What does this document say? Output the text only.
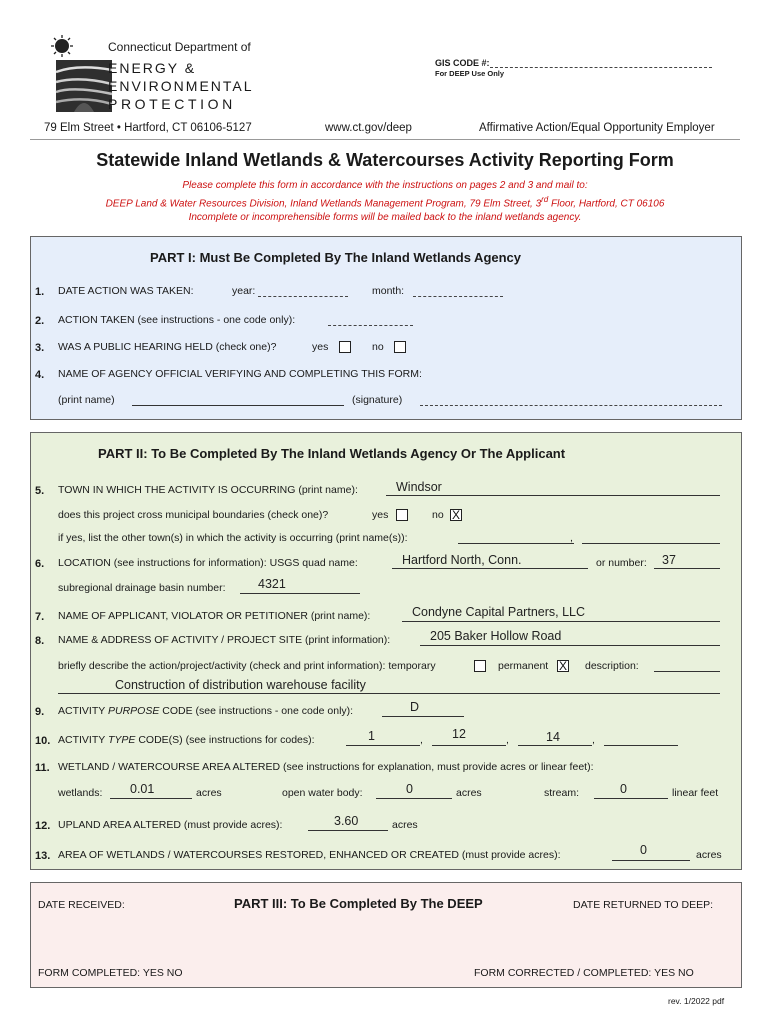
Connecticut Department of
ENERGY &
ENVIRONMENTAL
PROTECTION
GIS CODE #:
For DEEP Use Only
79 Elm Street • Hartford, CT 06106-5127	www.ct.gov/deep	Affirmative Action/Equal Opportunity Employer
Statewide Inland Wetlands & Watercourses Activity Reporting Form
Please complete this form in accordance with the instructions on pages 2 and 3 and mail to:
DEEP Land & Water Resources Division, Inland Wetlands Management Program, 79 Elm Street, 3rd Floor, Hartford, CT 06106
Incomplete or incomprehensible forms will be mailed back to the inland wetlands agency.
PART I: Must Be Completed By The Inland Wetlands Agency
1. DATE ACTION WAS TAKEN:	year:	month:
2. ACTION TAKEN (see instructions - one code only):
3. WAS A PUBLIC HEARING HELD (check one)?	yes	no
4. NAME OF AGENCY OFFICIAL VERIFYING AND COMPLETING THIS FORM:
(print name)	(signature)
PART II: To Be Completed By The Inland Wetlands Agency Or The Applicant
5. TOWN IN WHICH THE ACTIVITY IS OCCURRING (print name):	Windsor
does this project cross municipal boundaries (check one)?	yes	no X
if yes, list the other town(s) in which the activity is occurring (print name(s)):	,
6. LOCATION (see instructions for information): USGS quad name:	Hartford North, Conn.	or number: 37
subregional drainage basin number:	4321
7. NAME OF APPLICANT, VIOLATOR OR PETITIONER (print name):	Condyne Capital Partners, LLC
8. NAME & ADDRESS OF ACTIVITY / PROJECT SITE (print information):	205 Baker Hollow Road
briefly describe the action/project/activity (check and print information): temporary	permanent X description:
Construction of distribution warehouse facility
9. ACTIVITY PURPOSE CODE (see instructions - one code only):	D
10. ACTIVITY TYPE CODE(S) (see instructions for codes):	1	, 12	,	14	,
11. WETLAND / WATERCOURSE AREA ALTERED (see instructions for explanation, must provide acres or linear feet):
wetlands: 0.01	acres	open water body:	0	acres	stream:	0	linear feet
12. UPLAND AREA ALTERED (must provide acres):	3.60	acres
13. AREA OF WETLANDS / WATERCOURSES RESTORED, ENHANCED OR CREATED (must provide acres):	0	acres
DATE RECEIVED:	PART III: To Be Completed By The DEEP	DATE RETURNED TO DEEP:
FORM COMPLETED: YES NO	FORM CORRECTED / COMPLETED: YES NO
rev. 1/2022 pdf
